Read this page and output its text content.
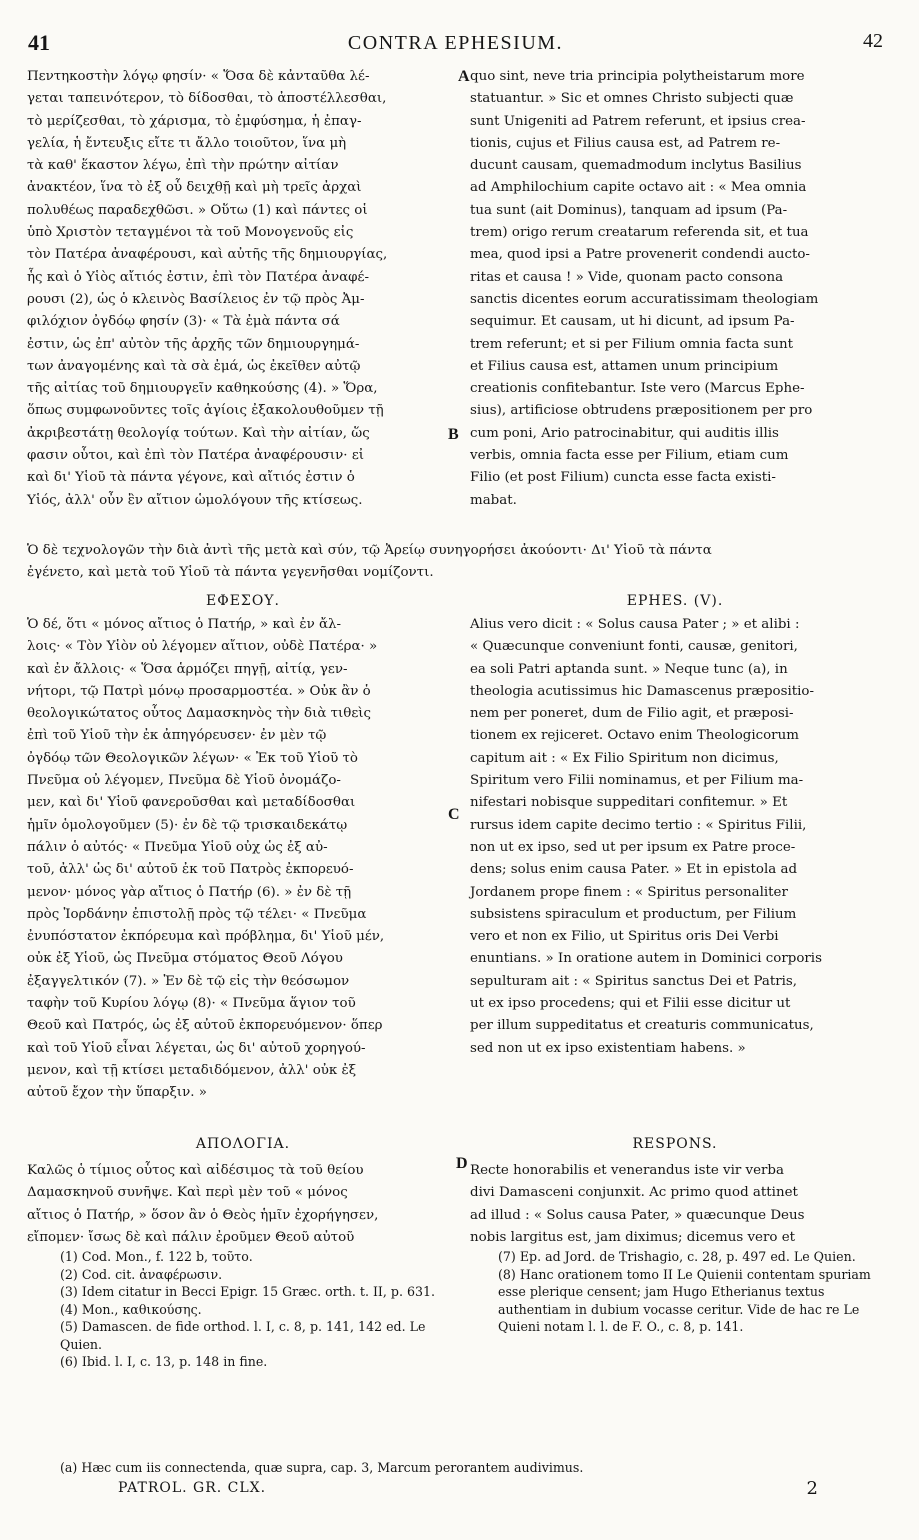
41	CONTRA EPHESIUM.	42
A
B
C
D

Πεντηκοστὴν λόγῳ φησίν· « Ὅσα δὲ κἀνταῦθα λέ-

γεται ταπεινότερον, τὸ δίδοσθαι, τὸ ἀποστέλλεσθαι,

τὸ μερίζεσθαι, τὸ χάρισμα, τὸ ἐμφύσημα, ἡ ἐπαγ-

γελία, ἡ ἔντευξις εἴτε τι ἄλλο τοιοῦτον, ἵνα μὴ

τὰ καθ' ἕκαστον λέγω, ἐπὶ τὴν πρώτην αἰτίαν

ἀνακτέον, ἵνα τὸ ἐξ οὗ δειχθῇ καὶ μὴ τρεῖς ἀρχαὶ

πολυθέως παραδεχθῶσι. » Οὕτω (1) καὶ πάντες οἱ

ὑπὸ Χριστὸν τεταγμένοι τὰ τοῦ Μονογενοῦς εἰς

τὸν Πατέρα ἀναφέρουσι, καὶ αὐτῆς τῆς δημιουργίας,

ἧς καὶ ὁ Υἱὸς αἴτιός ἐστιν, ἐπὶ τὸν Πατέρα ἀναφέ-

ρουσι (2), ὡς ὁ κλεινὸς Βασίλειος ἐν τῷ πρὸς Ἀμ-

φιλόχιον ὀγδόῳ φησίν (3)· « Τὰ ἐμὰ πάντα σά

ἐστιν, ὡς ἐπ' αὐτὸν τῆς ἀρχῆς τῶν δημιουργημά-

των ἀναγομένης καὶ τὰ σὰ ἐμά, ὡς ἐκεῖθεν αὐτῷ

τῆς αἰτίας τοῦ δημιουργεῖν καθηκούσης (4). » Ὅρα,

ὅπως συμφωνοῦντες τοῖς ἁγίοις ἐξακολουθοῦμεν τῇ

ἀκριβεστάτῃ θεολογίᾳ τούτων. Καὶ τὴν αἰτίαν, ὥς

φασιν οὗτοι, καὶ ἐπὶ τὸν Πατέρα ἀναφέρουσιν· εἰ

καὶ δι' Υἱοῦ τὰ πάντα γέγονε, καὶ αἴτιός ἐστιν ὁ

Υἱός, ἀλλ' οὖν ἓν αἴτιον ὡμολόγουν τῆς κτίσεως.

quo sint, neve tria principia polytheistarum more

statuantur. » Sic et omnes Christo subjecti quæ

sunt Unigeniti ad Patrem referunt, et ipsius crea-

tionis, cujus et Filius causa est, ad Patrem re-

ducunt causam, quemadmodum inclytus Basilius

ad Amphilochium capite octavo ait : « Mea omnia

tua sunt (ait Dominus), tanquam ad ipsum (Pa-

trem) origo rerum creatarum referenda sit, et tua

mea, quod ipsi a Patre provenerit condendi aucto-

ritas et causa ! » Vide, quonam pacto consona

sanctis dicentes eorum accuratissimam theologiam

sequimur. Et causam, ut hi dicunt, ad ipsum Pa-

trem referunt; et si per Filium omnia facta sunt

et Filius causa est, attamen unum principium

creationis confitebantur. Iste vero (Marcus Ephe-

sius), artificiose obtrudens præpositionem per pro

cum poni, Ario patrocinabitur, qui auditis illis

verbis, omnia facta esse per Filium, etiam cum

Filio (et post Filium) cuncta esse facta existi-

mabat.

Ὁ δὲ τεχνολογῶν τὴν διὰ ἀντὶ τῆς μετὰ καὶ σύν, τῷ Ἀρείῳ συνηγορήσει ἀκούοντι· Δι' Υἱοῦ τὰ πάντα
ἐγένετο, καὶ μετὰ τοῦ Υἱοῦ τὰ πάντα γεγενῆσθαι νομίζοντι.
ΕΦΕΣΟΥ.	EPHES. (V).

Ὁ δέ, ὅτι « μόνος αἴτιος ὁ Πατήρ, » καὶ ἐν ἄλ-

λοις· « Τὸν Υἱὸν οὐ λέγομεν αἴτιον, οὐδὲ Πατέρα· »

καὶ ἐν ἄλλοις· « Ὅσα ἁρμόζει πηγῇ, αἰτίᾳ, γεν-

νήτορι, τῷ Πατρὶ μόνῳ προσαρμοστέα. » Οὐκ ἂν ὁ

θεολογικώτατος οὗτος Δαμασκηνὸς τὴν διὰ τιθεὶς

ἐπὶ τοῦ Υἱοῦ τὴν ἐκ ἀπηγόρευσεν· ἐν μὲν τῷ

ὀγδόῳ τῶν Θεολογικῶν λέγων· « Ἐκ τοῦ Υἱοῦ τὸ

Πνεῦμα οὐ λέγομεν, Πνεῦμα δὲ Υἱοῦ ὀνομάζο-

μεν, καὶ δι' Υἱοῦ φανεροῦσθαι καὶ μεταδίδοσθαι

ἡμῖν ὁμολογοῦμεν (5)· ἐν δὲ τῷ τρισκαιδεκάτῳ

πάλιν ὁ αὐτός· « Πνεῦμα Υἱοῦ οὐχ ὡς ἐξ αὐ-

τοῦ, ἀλλ' ὡς δι' αὐτοῦ ἐκ τοῦ Πατρὸς ἐκπορευό-

μενον· μόνος γὰρ αἴτιος ὁ Πατήρ (6). » ἐν δὲ τῇ

πρὸς Ἰορδάνην ἐπιστολῇ πρὸς τῷ τέλει· « Πνεῦμα

ἐνυπόστατον ἐκπόρευμα καὶ πρόβλημα, δι' Υἱοῦ μέν,

οὐκ ἐξ Υἱοῦ, ὡς Πνεῦμα στόματος Θεοῦ Λόγου

ἐξαγγελτικόν (7). » Ἐν δὲ τῷ εἰς τὴν θεόσωμον

ταφὴν τοῦ Κυρίου λόγῳ (8)· « Πνεῦμα ἅγιον τοῦ

Θεοῦ καὶ Πατρός, ὡς ἐξ αὐτοῦ ἐκπορευόμενον· ὅπερ

καὶ τοῦ Υἱοῦ εἶναι λέγεται, ὡς δι' αὐτοῦ χορηγού-

μενον, καὶ τῇ κτίσει μεταδιδόμενον, ἀλλ' οὐκ ἐξ

αὐτοῦ ἔχον τὴν ὕπαρξιν. »

Alius vero dicit : « Solus causa Pater ; » et alibi :

« Quæcunque conveniunt fonti, causæ, genitori,

ea soli Patri aptanda sunt. » Neque tunc (a), in

theologia acutissimus hic Damascenus præpositio-

nem per poneret, dum de Filio agit, et præposi-

tionem ex rejiceret. Octavo enim Theologicorum

capitum ait : « Ex Filio Spiritum non dicimus,

Spiritum vero Filii nominamus, et per Filium ma-

nifestari nobisque suppeditari confitemur. » Et

rursus idem capite decimo tertio : « Spiritus Filii,

non ut ex ipso, sed ut per ipsum ex Patre proce-

dens; solus enim causa Pater. » Et in epistola ad

Jordanem prope finem : « Spiritus personaliter

subsistens spiraculum et productum, per Filium

vero et non ex Filio, ut Spiritus oris Dei Verbi

enuntians. » In oratione autem in Dominici corporis

sepulturam ait : « Spiritus sanctus Dei et Patris,

ut ex ipso procedens; qui et Filii esse dicitur ut

per illum suppeditatus et creaturis communicatus,

sed non ut ex ipso existentiam habens. »

ΑΠΟΛΟΓΙΑ.	RESPONS.

Καλῶς ὁ τίμιος οὗτος καὶ αἰδέσιμος τὰ τοῦ θείου

Δαμασκηνοῦ συνῆψε. Καὶ περὶ μὲν τοῦ « μόνος

αἴτιος ὁ Πατήρ, » ὅσον ἂν ὁ Θεὸς ἡμῖν ἐχορήγησεν,

εἴπομεν· ἴσως δὲ καὶ πάλιν ἐροῦμεν Θεοῦ αὐτοῦ

Recte honorabilis et venerandus iste vir verba

divi Damasceni conjunxit. Ac primo quod attinet

ad illud : « Solus causa Pater, » quæcunque Deus

nobis largitus est, jam diximus; dicemus vero et

(1) Cod. Mon., f. 122 b, τοῦτο.

(2) Cod. cit. ἀναφέρωσιν.

(3) Idem citatur in Becci Epigr. 15 Græc. orth. t. II, p. 631.

(4) Mon., καθικούσης.

(5) Damascen. de fide orthod. l. I, c. 8, p. 141, 142 ed. Le Quien.

(6) Ibid. l. I, c. 13, p. 148 in fine.

(7) Ep. ad Jord. de Trishagio, c. 28, p. 497 ed. Le Quien.

(8) Hanc orationem tomo II Le Quienii contentam spuriam esse plerique censent; jam Hugo Etherianus textus authentiam in dubium vocasse ceritur. Vide de hac re Le Quieni notam l. l. de F. O., c. 8, p. 141.

(a) Hæc cum iis connectenda, quæ supra, cap. 3, Marcum perorantem audivimus.
PATROL. GR. CLX.	2
